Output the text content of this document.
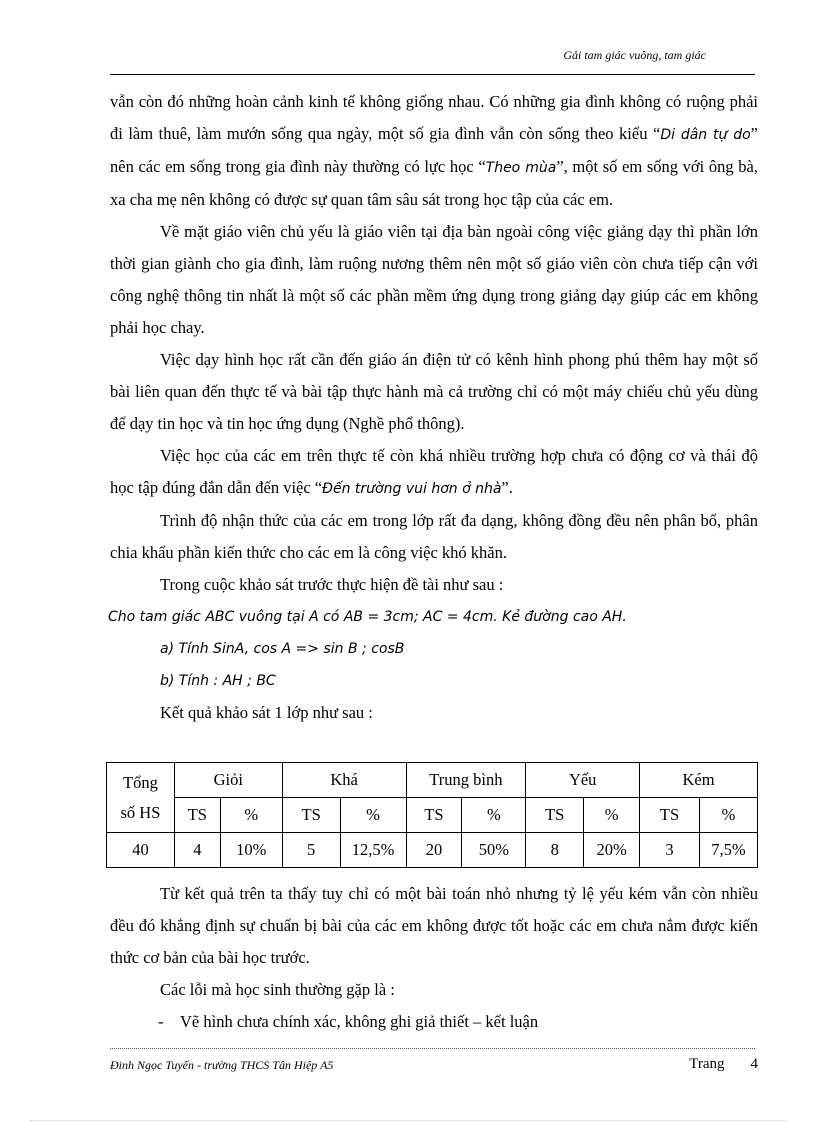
Gải tam giác vuông, tam giác

vẫn còn đó những hoàn cảnh kinh tế không giống nhau. Có những gia đình không có ruộng phải đi làm thuê, làm mướn sống qua ngày, một số gia đình vẫn còn sống theo kiểu “Di dân tự do” nên các em sống trong gia đình này thường có lực học “Theo mùa”, một số em sống với ông bà, xa cha mẹ nên không có được sự quan tâm sâu sát trong học tập của các em.

Về mặt giáo viên chủ yếu là giáo viên tại địa bàn ngoài công việc giảng dạy thì phần lớn thời gian giành cho gia đình, làm ruộng nương thêm nên một số giáo viên còn chưa tiếp cận với công nghệ thông tin nhất là một số các phần mềm ứng dụng trong giảng dạy giúp các em không phải học chay.

Việc dạy hình học rất cần đến giáo án điện tử có kênh hình phong phú thêm hay một số bài liên quan đến thực tế và bài tập thực hành mà cả trường chỉ có một máy chiếu chủ yếu dùng để dạy tin học và tin học ứng dụng (Nghề phổ thông).

Việc học của các em trên thực tế còn khá nhiều trường hợp chưa có động cơ và thái độ học tập đúng đắn dẫn đến việc “Đến trường vui hơn ở nhà”.

Trình độ nhận thức của các em trong lớp rất đa dạng, không đồng đều nên phân bổ, phân chia khẩu phần kiến thức cho các em là công việc khó khăn.

Trong cuộc khảo sát trước thực hiện đề tài như sau :

Cho tam giác ABC vuông tại A có AB = 3cm; AC = 4cm. Kẻ đường cao AH.

a) Tính SinA, cos A => sin B ; cosB

b) Tính : AH ; BC

Kết quả khảo sát 1 lớp như sau :

Tổng
số HS	Giỏi		Khá		Trung bình		Yếu		Kém	
	TS	%	TS	%	TS	%	TS	%	TS	%
40	4	10%	5	12,5%	20	50%	8	20%	3	7,5%

Từ kết quả trên ta thấy tuy chỉ có một bài toán nhỏ nhưng tỷ lệ yếu kém vẫn còn nhiều đều đó khẳng định sự chuẩn bị bài của các em không được tốt hoặc các em chưa nắm được kiến thức cơ bản của bài học trước.

Các lỗi mà học sinh thường gặp là :

- Vẽ hình chưa chính xác, không ghi giả thiết – kết luận

Đinh Ngọc Tuyển - trường THCS Tân Hiệp A5	Trang 4
